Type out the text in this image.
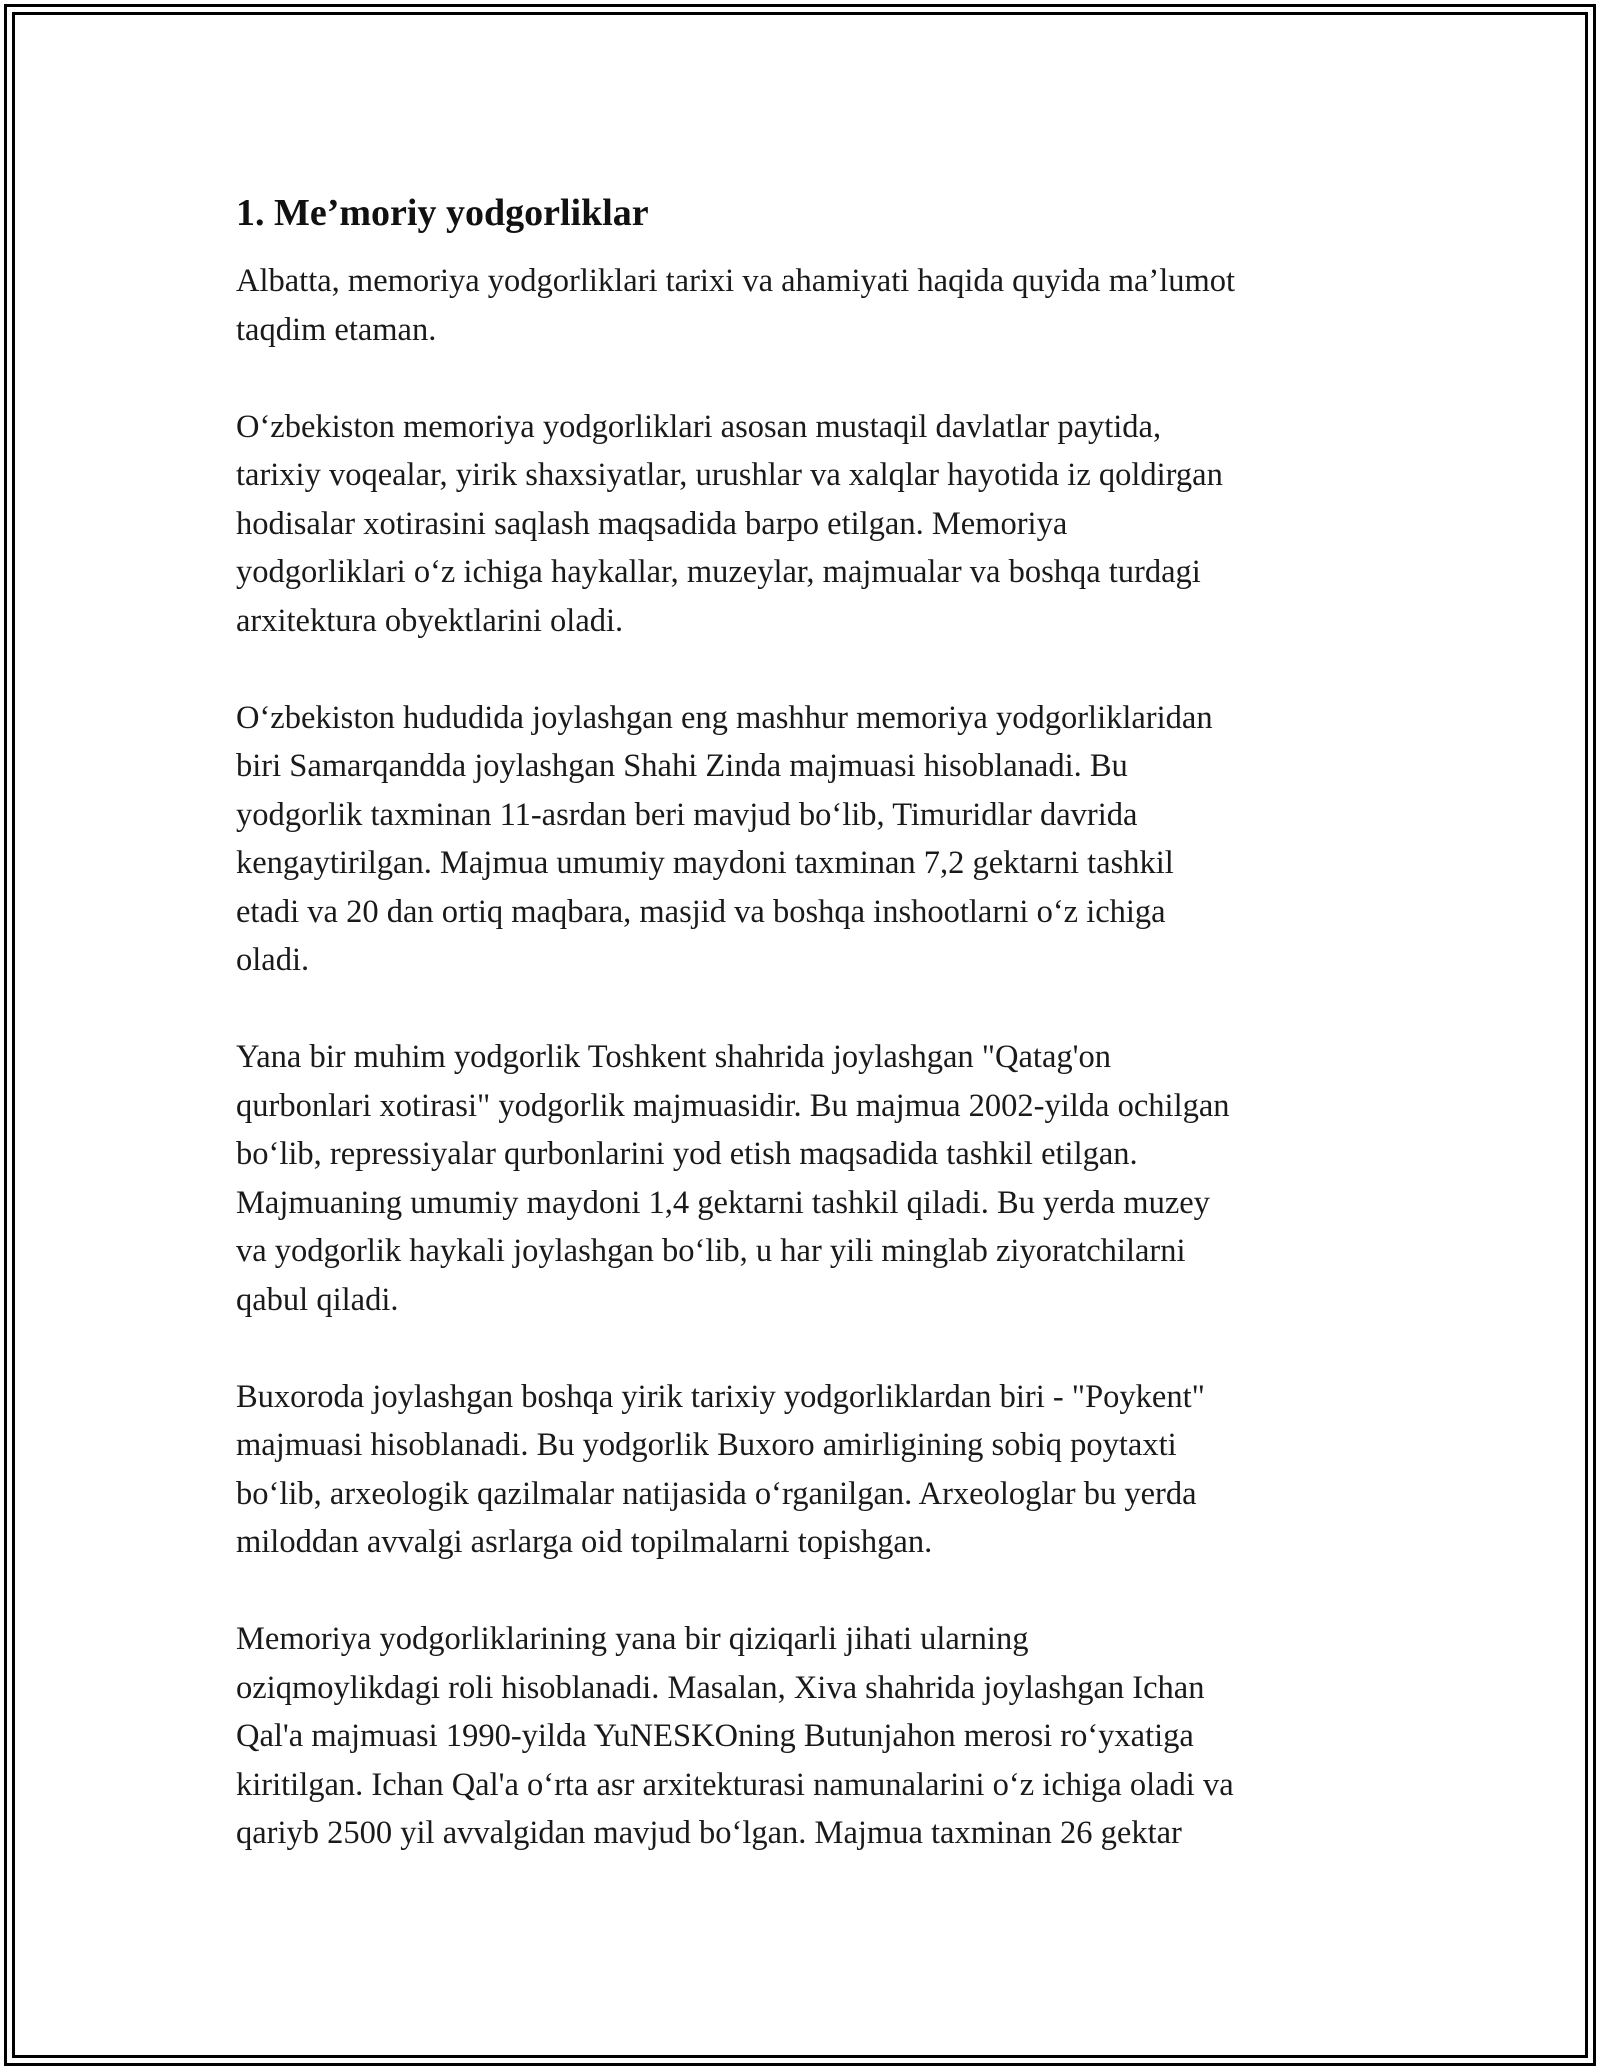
1. Me’moriy yodgorliklar

Albatta, memoriya yodgorliklari tarixi va ahamiyati haqida quyida ma’lumot
taqdim etaman.

O‘zbekiston memoriya yodgorliklari asosan mustaqil davlatlar paytida,
tarixiy voqealar, yirik shaxsiyatlar, urushlar va xalqlar hayotida iz qoldirgan
hodisalar xotirasini saqlash maqsadida barpo etilgan. Memoriya
yodgorliklari o‘z ichiga haykallar, muzeylar, majmualar va boshqa turdagi
arxitektura obyektlarini oladi.

O‘zbekiston hududida joylashgan eng mashhur memoriya yodgorliklaridan
biri Samarqandda joylashgan Shahi Zinda majmuasi hisoblanadi. Bu
yodgorlik taxminan 11-asrdan beri mavjud bo‘lib, Timuridlar davrida
kengaytirilgan. Majmua umumiy maydoni taxminan 7,2 gektarni tashkil
etadi va 20 dan ortiq maqbara, masjid va boshqa inshootlarni o‘z ichiga
oladi.

Yana bir muhim yodgorlik Toshkent shahrida joylashgan "Qatag'on
qurbonlari xotirasi" yodgorlik majmuasidir. Bu majmua 2002-yilda ochilgan
bo‘lib, repressiyalar qurbonlarini yod etish maqsadida tashkil etilgan.
Majmuaning umumiy maydoni 1,4 gektarni tashkil qiladi. Bu yerda muzey
va yodgorlik haykali joylashgan bo‘lib, u har yili minglab ziyoratchilarni
qabul qiladi.

Buxoroda joylashgan boshqa yirik tarixiy yodgorliklardan biri - "Poykent"
majmuasi hisoblanadi. Bu yodgorlik Buxoro amirligining sobiq poytaxti
bo‘lib, arxeologik qazilmalar natijasida o‘rganilgan. Arxeologlar bu yerda
miloddan avvalgi asrlarga oid topilmalarni topishgan.

Memoriya yodgorliklarining yana bir qiziqarli jihati ularning
oziqmoylikdagi roli hisoblanadi. Masalan, Xiva shahrida joylashgan Ichan
Qal'a majmuasi 1990-yilda YuNESKOning Butunjahon merosi ro‘yxatiga
kiritilgan. Ichan Qal'a o‘rta asr arxitekturasi namunalarini o‘z ichiga oladi va
qariyb 2500 yil avvalgidan mavjud bo‘lgan. Majmua taxminan 26 gektar
